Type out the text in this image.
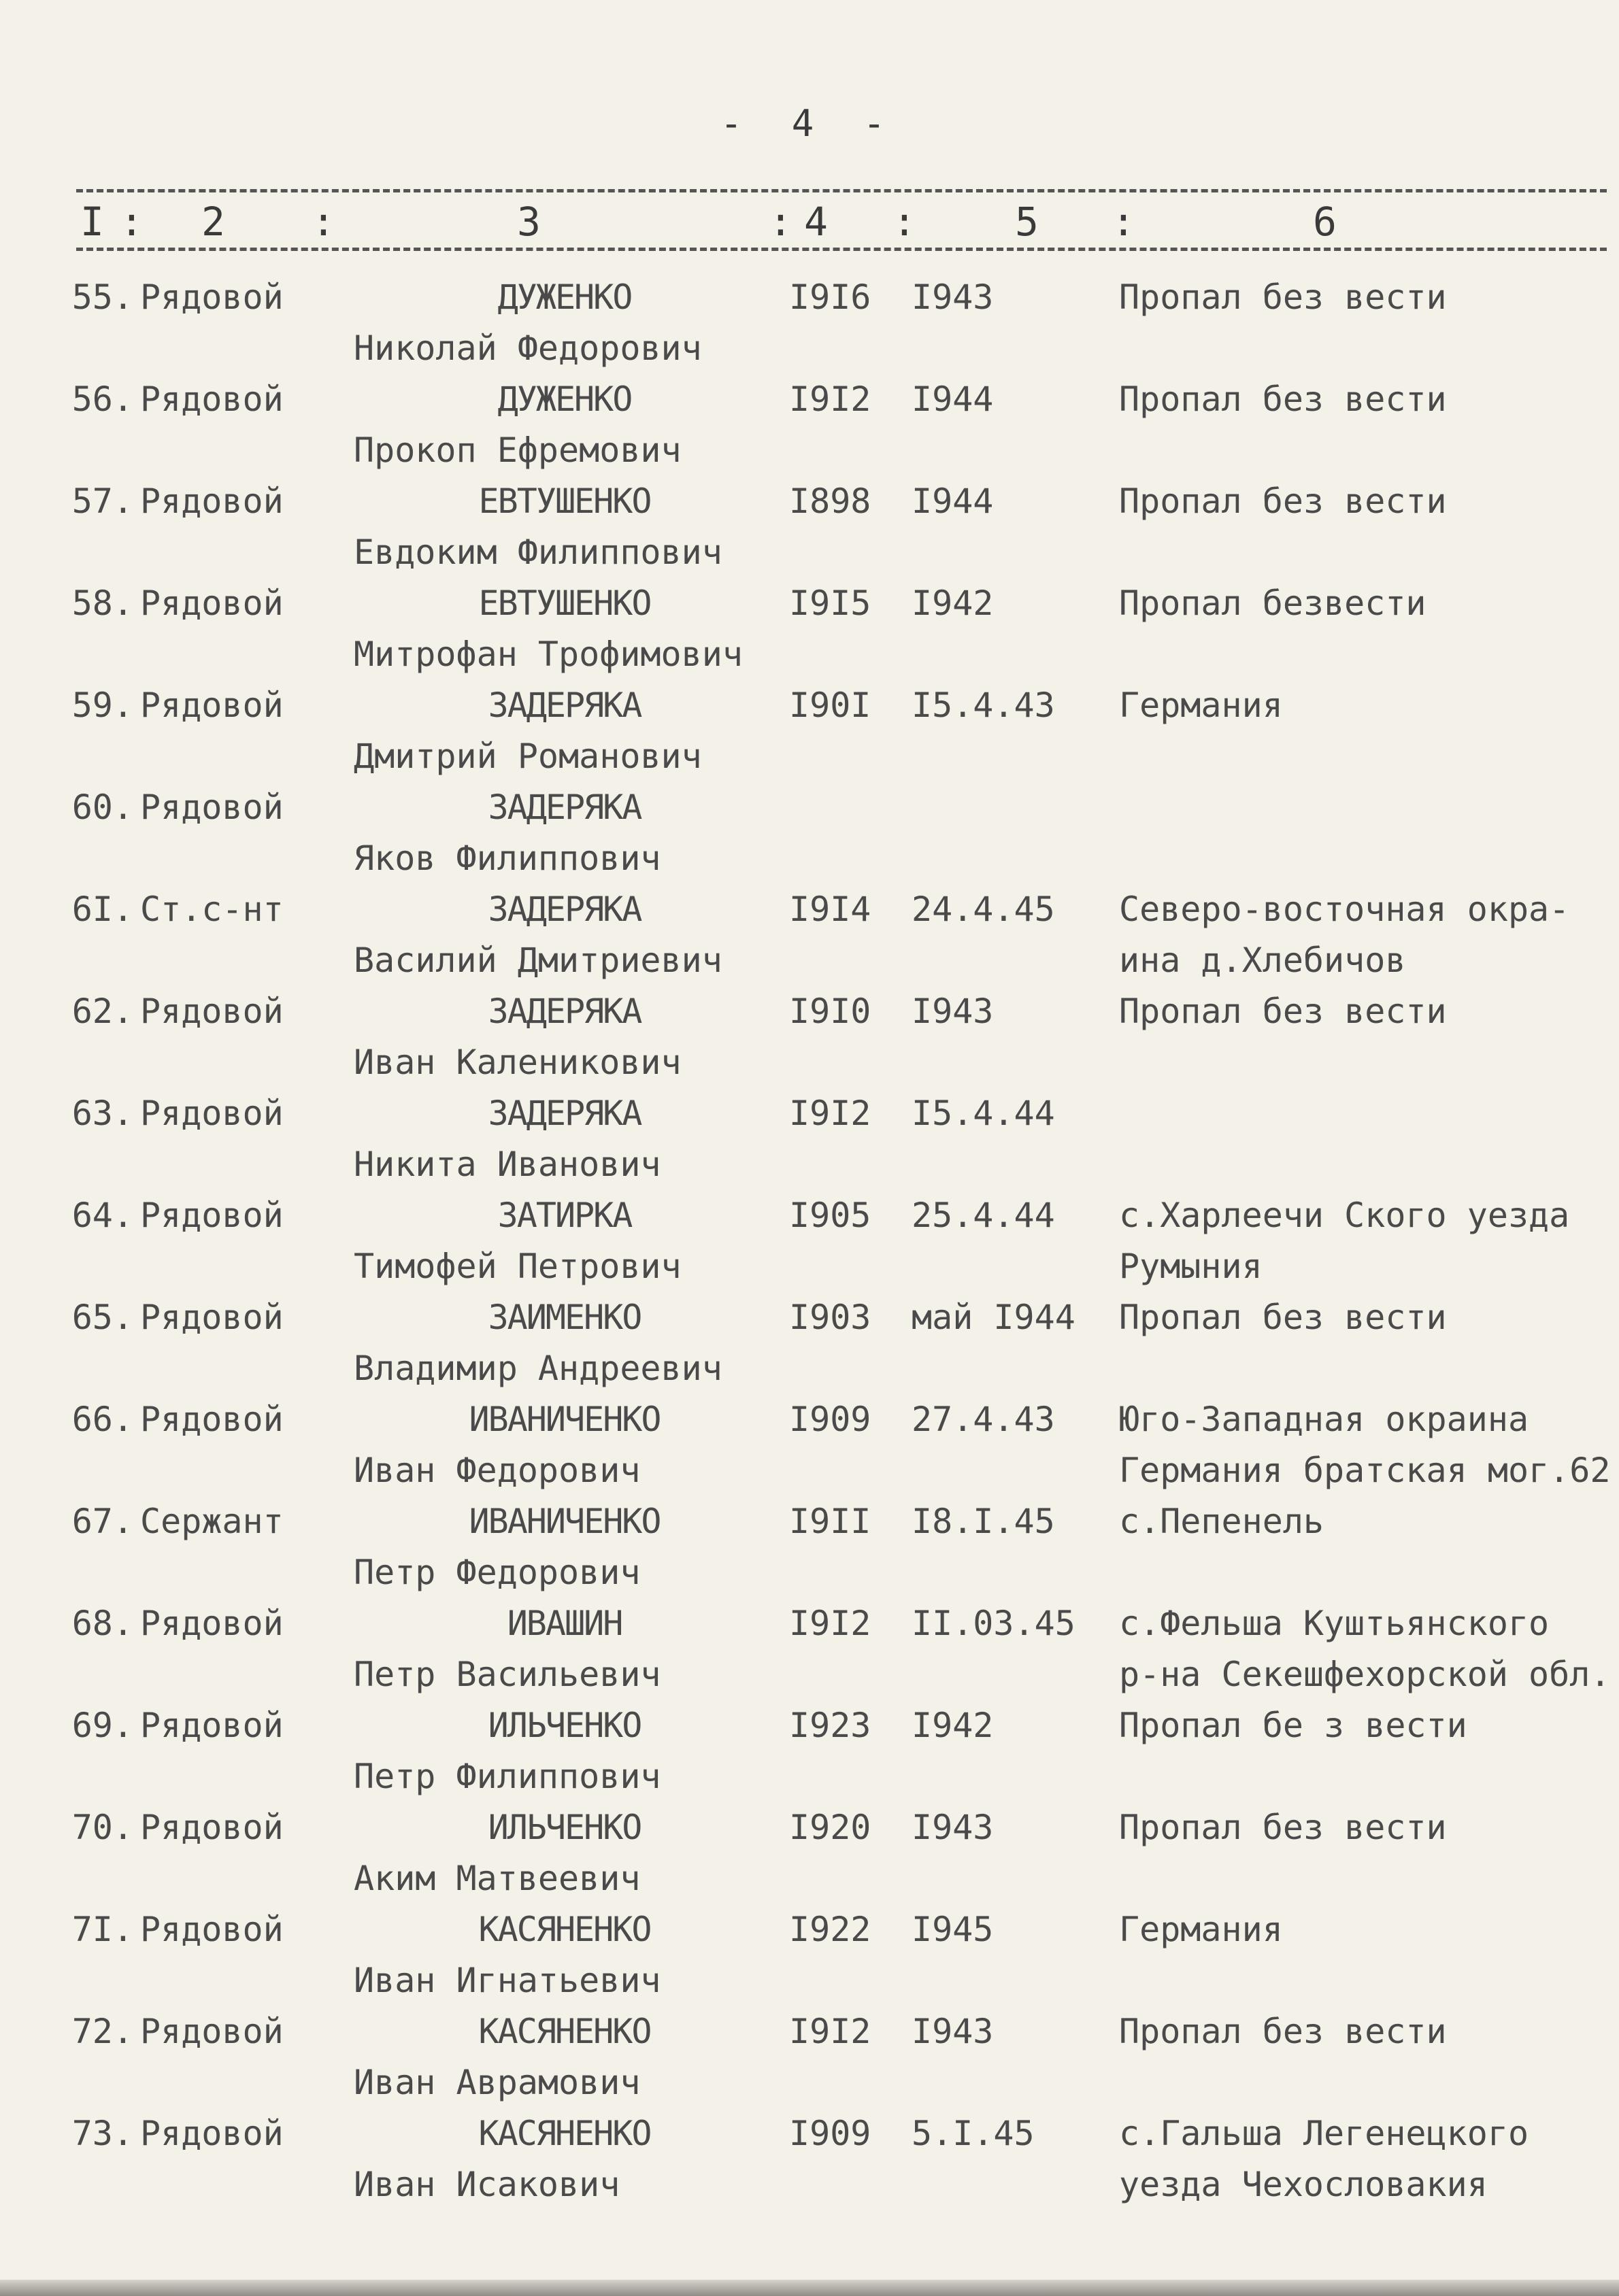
- 4 -
I : 2 :	3	: 4 :	5 :	6
55. Рядовой	ДУЖЕНКО	I9I6 I943	Пропал без вести
Николай Федорович
56. Рядовой	ДУЖЕНКО	I9I2 I944	Пропал без вести
Прокоп Ефремович
57. Рядовой	ЕВТУШЕНКО	I898 I944	Пропал без вести
Евдоким Филиппович
58. Рядовой	ЕВТУШЕНКО	I9I5 I942	Пропал безвести
Митрофан Трофимович
59. Рядовой	ЗАДЕРЯКА	I90I I5.4.43 Германия
Дмитрий Романович
60. Рядовой	ЗАДЕРЯКА
Яков Филиппович
6I. Ст.с-нт	ЗАДЕРЯКА	I9I4 24.4.45 Северо-восточная окра-
Василий Дмитриевич	ина д.Хлебичов
62. Рядовой	ЗАДЕРЯКА	I9I0 I943	Пропал без вести
Иван Каленикович
63. Рядовой	ЗАДЕРЯКА	I9I2 I5.4.44
Никита Иванович
64. Рядовой	ЗАТИРКА	I905 25.4.44 с.Харлеечи Ского уезда
Тимофей Петрович	Румыния
65. Рядовой	ЗАИМЕНКО	I903 май I944 Пропал без вести
Владимир Андреевич
66. Рядовой	ИВАНИЧЕНКО	I909 27.4.43 Юго-Западная окраина
Иван Федорович	Германия братская мог.62
67. Сержант	ИВАНИЧЕНКО	I9II I8.I.45 с.Пепенель
Петр Федорович
68. Рядовой	ИВАШИН	I9I2 II.03.45 с.Фельша Куштьянского
Петр Васильевич	р-на Секешфехорской обл.
69. Рядовой	ИЛЬЧЕНКО	I923 I942	Пропал бе з вести
Петр Филиппович
70. Рядовой	ИЛЬЧЕНКО	I920 I943	Пропал без вести
Аким Матвеевич
7I. Рядовой	КАСЯНЕНКО	I922 I945	Германия
Иван Игнатьевич
72. Рядовой	КАСЯНЕНКО	I9I2 I943	Пропал без вести
Иван Аврамович
73. Рядовой	КАСЯНЕНКО	I909 5.I.45 с.Гальша Легенецкого
Иван Исакович	уезда Чехословакия
